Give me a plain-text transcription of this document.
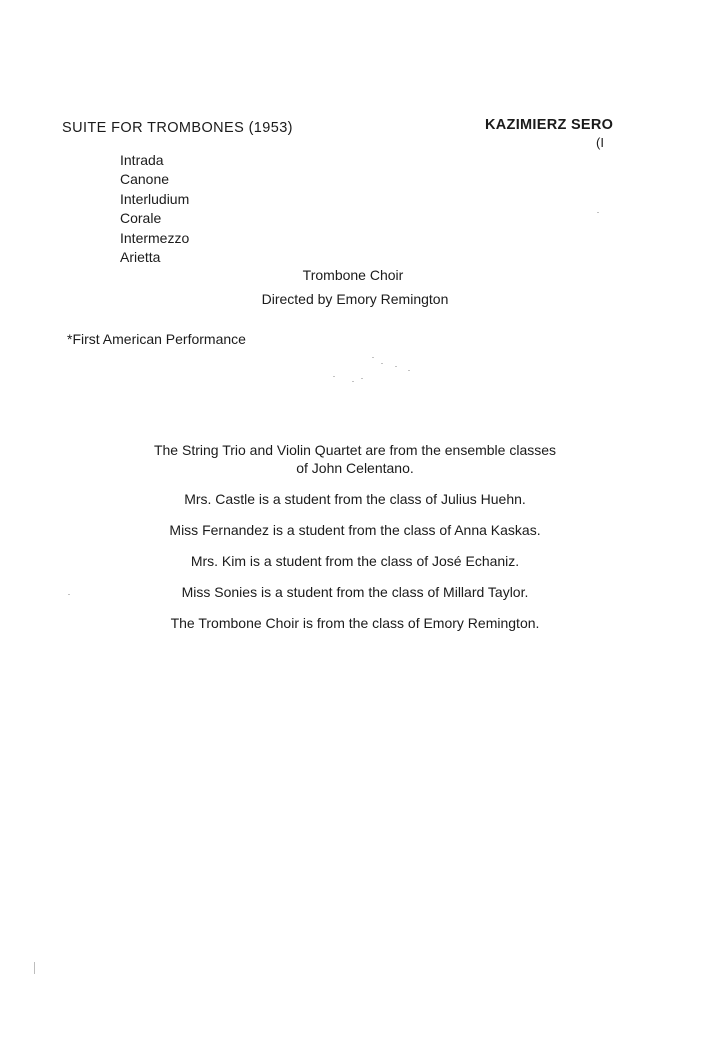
SUITE FOR TROMBONES (1953)	KAZIMIERZ SERO
(I
Intrada
Canone
Interludium
Corale
Intermezzo
Arietta
Trombone Choir
Directed by Emory Remington
*First American Performance
The String Trio and Violin Quartet are from the ensemble classes
of John Celentano.
Mrs. Castle is a student from the class of Julius Huehn.
Miss Fernandez is a student from the class of Anna Kaskas.
Mrs. Kim is a student from the class of José Echaniz.
Miss Sonies is a student from the class of Millard Taylor.
The Trombone Choir is from the class of Emory Remington.
